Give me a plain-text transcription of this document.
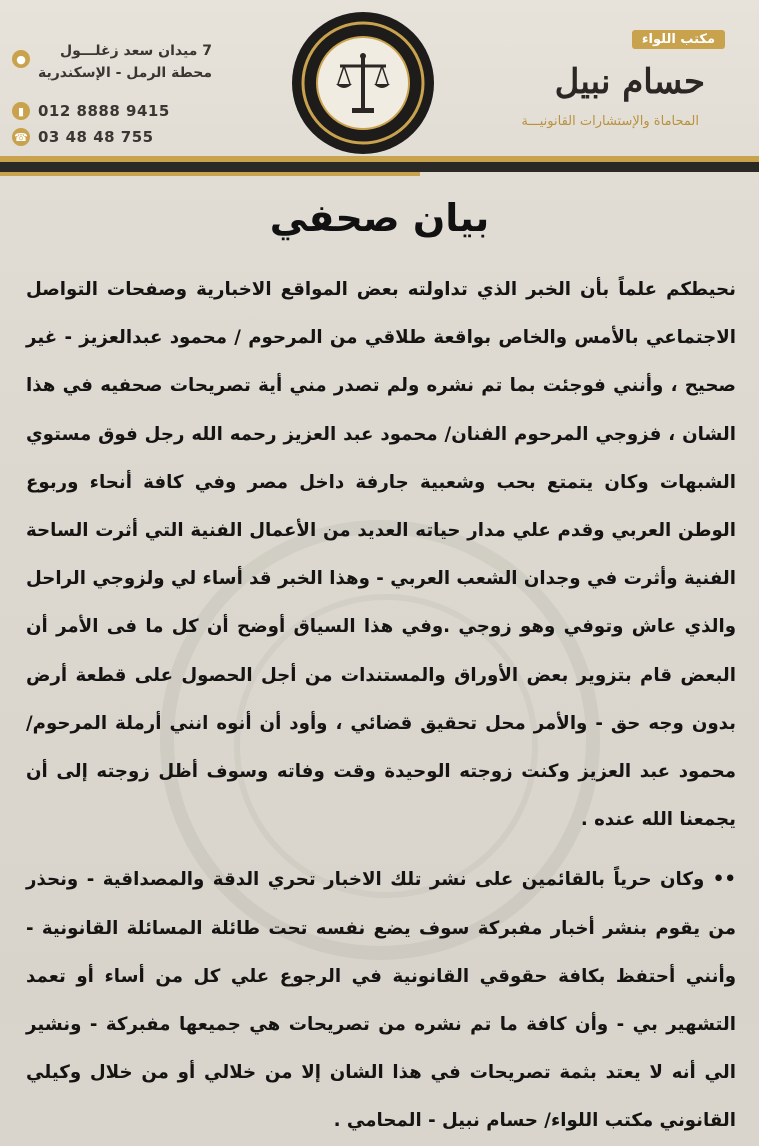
●	7 ميدان سعد زغلـــول
محطة الرمل - الإسكندرية
▮ 012 8888 9415
☎ 03 48 48 755
مكتب اللواء
حسام نبيل
المحاماة والإستشارات القانونيـــة
بيان صحفي

نحيطكم علماً بأن الخبر الذي تداولته بعض المواقع الاخبارية وصفحات التواصل الاجتماعي بالأمس والخاص بواقعة طلاقي من المرحوم / محمود عبدالعزيز - غير صحيح ، وأنني فوجئت بما تم نشره ولم تصدر مني أية تصريحات صحفيه في هذا الشان ، فزوجي المرحوم الفنان/ محمود عبد العزيز رحمه الله رجل فوق مستوي الشبهات وكان يتمتع بحب وشعبية جارفة داخل مصر وفي كافة أنحاء وربوع الوطن العربي وقدم علي مدار حياته العديد من الأعمال الفنية التي أثرت الساحة الفنية وأثرت في وجدان الشعب العربي - وهذا الخبر قد أساء لي ولزوجي الراحل والذي عاش وتوفي وهو زوجي .وفي هذا السياق أوضح أن كل ما فى الأمر أن البعض قام بتزوير بعض الأوراق والمستندات من أجل الحصول على قطعة أرض بدون وجه حق - والأمر محل تحقيق قضائي ، وأود أن أنوه انني أرملة المرحوم/ محمود عبد العزيز وكنت زوجته الوحيدة وقت وفاته وسوف أظل زوجته إلى أن يجمعنا الله عنده .

•• وكان حرياً بالقائمين على نشر تلك الاخبار تحري الدقة والمصداقية - ونحذر من يقوم بنشر أخبار مفبركة سوف يضع نفسه تحت طائلة المسائلة القانونية - وأنني أحتفظ بكافة حقوقي القانونية في الرجوع علي كل من أساء أو تعمد التشهير بي - وأن كافة ما تم نشره من تصريحات هي جميعها مفبركة - ونشير الي أنه لا يعتد بثمة تصريحات في هذا الشان إلا من خلالي أو من خلال وكيلي القانوني مكتب اللواء/ حسام نبيل - المحامي .
